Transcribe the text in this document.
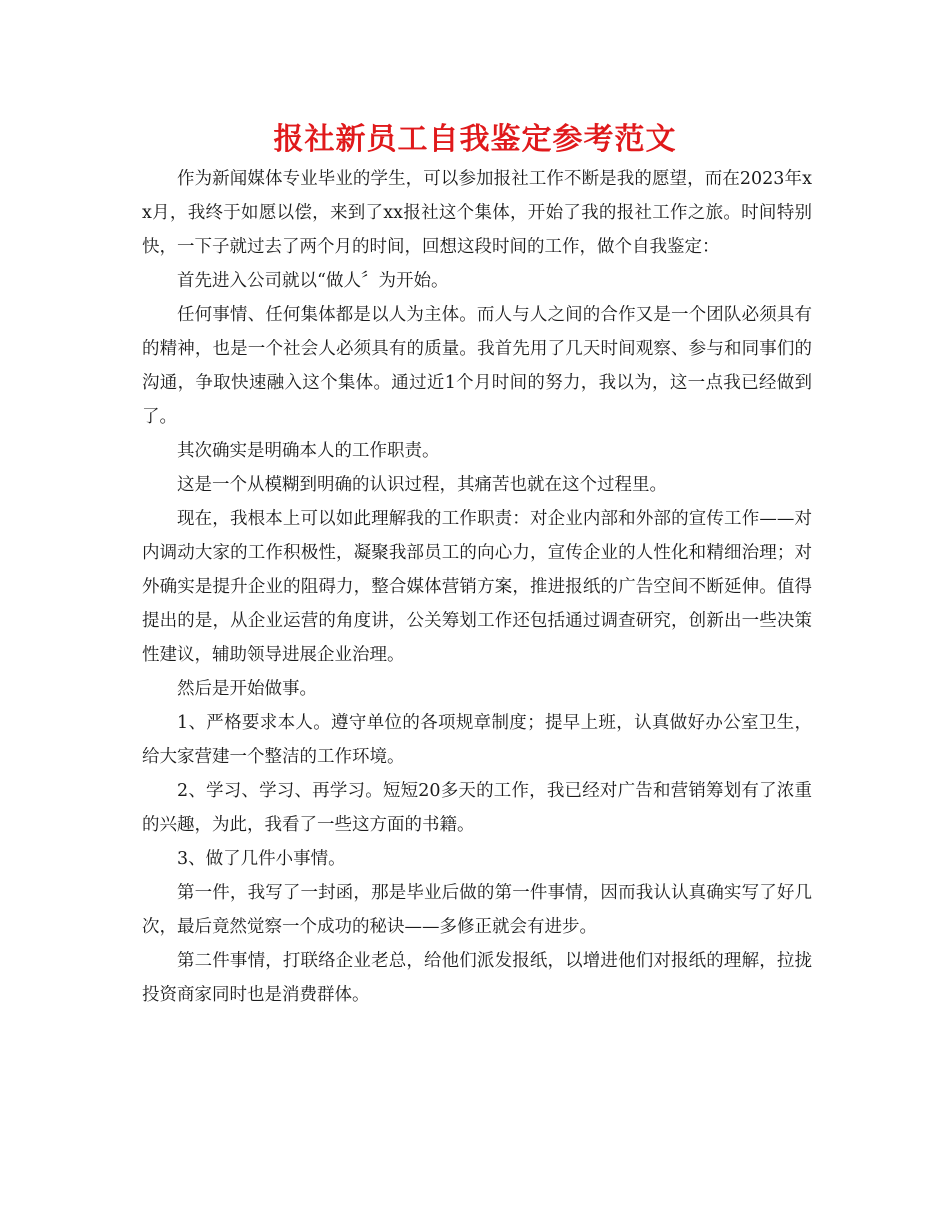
报社新员工自我鉴定参考范文

作为新闻媒体专业毕业的学生，可以参加报社工作不断是我的愿望，而在2023年xx月，我终于如愿以偿，来到了xx报社这个集体，开始了我的报社工作之旅。时间特别快，一下子就过去了两个月的时间，回想这段时间的工作，做个自我鉴定：

首先进入公司就以“做人〞为开始。

任何事情、任何集体都是以人为主体。而人与人之间的合作又是一个团队必须具有的精神，也是一个社会人必须具有的质量。我首先用了几天时间观察、参与和同事们的沟通，争取快速融入这个集体。通过近1个月时间的努力，我以为，这一点我已经做到了。

其次确实是明确本人的工作职责。

这是一个从模糊到明确的认识过程，其痛苦也就在这个过程里。

现在，我根本上可以如此理解我的工作职责：对企业内部和外部的宣传工作——对内调动大家的工作积极性，凝聚我部员工的向心力，宣传企业的人性化和精细治理；对外确实是提升企业的阻碍力，整合媒体营销方案，推进报纸的广告空间不断延伸。值得提出的是，从企业运营的角度讲，公关筹划工作还包括通过调查研究，创新出一些决策性建议，辅助领导进展企业治理。

然后是开始做事。

1、严格要求本人。遵守单位的各项规章制度；提早上班，认真做好办公室卫生，给大家营建一个整洁的工作环境。

2、学习、学习、再学习。短短20多天的工作，我已经对广告和营销筹划有了浓重的兴趣，为此，我看了一些这方面的书籍。

3、做了几件小事情。

第一件，我写了一封函，那是毕业后做的第一件事情，因而我认认真确实写了好几次，最后竟然觉察一个成功的秘诀——多修正就会有进步。

第二件事情，打联络企业老总，给他们派发报纸，以增进他们对报纸的理解，拉拢投资商家同时也是消费群体。
